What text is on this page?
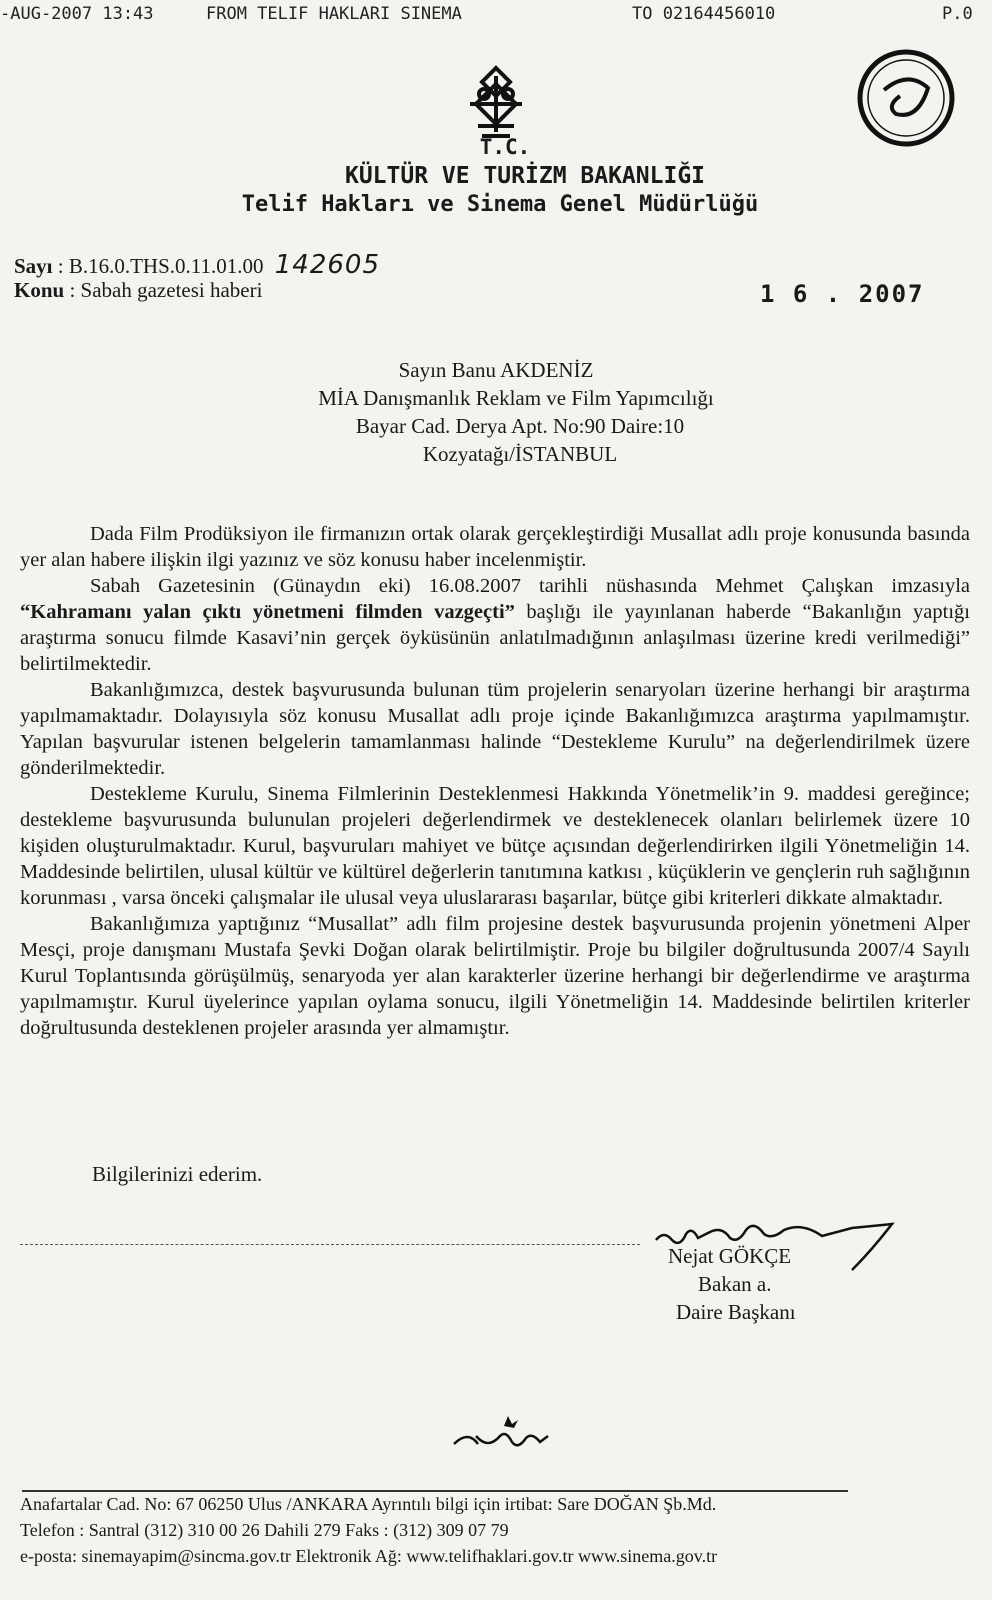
-AUG-2007 13:43

	FROM TELIF HAKLARI SINEMA

	TO 02164456010

	P.0

T.C.
KÜLTÜR VE TURİZM BAKANLIĞI
Telif Hakları ve Sinema Genel Müdürlüğü
Sayı : B.16.0.THS.0.11.01.00 142605
Konu : Sabah gazetesi haberi	1 6 . 2007
Sayın Banu AKDENİZ
MİA Danışmanlık Reklam ve Film Yapımcılığı
Bayar Cad. Derya Apt. No:90 Daire:10
Kozyatağı/İSTANBUL

Dada Film Prodüksiyon ile firmanızın ortak olarak gerçekleştirdiği Musallat adlı proje konusunda basında yer alan habere ilişkin ilgi yazınız ve söz konusu haber incelenmiştir.

Sabah Gazetesinin (Günaydın eki) 16.08.2007 tarihli nüshasında Mehmet Çalışkan imzasıyla “Kahramanı yalan çıktı yönetmeni filmden vazgeçti” başlığı ile yayınlanan haberde “Bakanlığın yaptığı araştırma sonucu filmde Kasavi’nin gerçek öyküsünün anlatılmadığının anlaşılması üzerine kredi verilmediği” belirtilmektedir.

Bakanlığımızca, destek başvurusunda bulunan tüm projelerin senaryoları üzerine herhangi bir araştırma yapılmamaktadır. Dolayısıyla söz konusu Musallat adlı proje içinde Bakanlığımızca araştırma yapılmamıştır. Yapılan başvurular istenen belgelerin tamamlanması halinde “Destekleme Kurulu” na değerlendirilmek üzere gönderilmektedir.

Destekleme Kurulu, Sinema Filmlerinin Desteklenmesi Hakkında Yönetmelik’in 9. maddesi gereğince; destekleme başvurusunda bulunulan projeleri değerlendirmek ve desteklenecek olanları belirlemek üzere 10 kişiden oluşturulmaktadır. Kurul, başvuruları mahiyet ve bütçe açısından değerlendirirken ilgili Yönetmeliğin 14. Maddesinde belirtilen, ulusal kültür ve kültürel değerlerin tanıtımına katkısı , küçüklerin ve gençlerin ruh sağlığının korunması , varsa önceki çalışmalar ile ulusal veya uluslararası başarılar, bütçe gibi kriterleri dikkate almaktadır.

Bakanlığımıza yaptığınız “Musallat” adlı film projesine destek başvurusunda projenin yönetmeni Alper Mesçi, proje danışmanı Mustafa Şevki Doğan olarak belirtilmiştir. Proje bu bilgiler doğrultusunda 2007/4 Sayılı Kurul Toplantısında görüşülmüş, senaryoda yer alan karakterler üzerine herhangi bir değerlendirme ve araştırma yapılmamıştır. Kurul üyelerince yapılan oylama sonucu, ilgili Yönetmeliğin 14. Maddesinde belirtilen kriterler doğrultusunda desteklenen projeler arasında yer almamıştır.

Bilgilerinizi ederim.
Nejat GÖKÇE
Bakan a.
Daire Başkanı
Anafartalar Cad. No: 67 06250 Ulus /ANKARA Ayrıntılı bilgi için irtibat: Sare DOĞAN Şb.Md.
Telefon : Santral (312) 310 00 26 Dahili 279 Faks : (312) 309 07 79
e-posta: sinemayapim@sincma.gov.tr Elektronik Ağ: www.telifhaklari.gov.tr www.sinema.gov.tr
